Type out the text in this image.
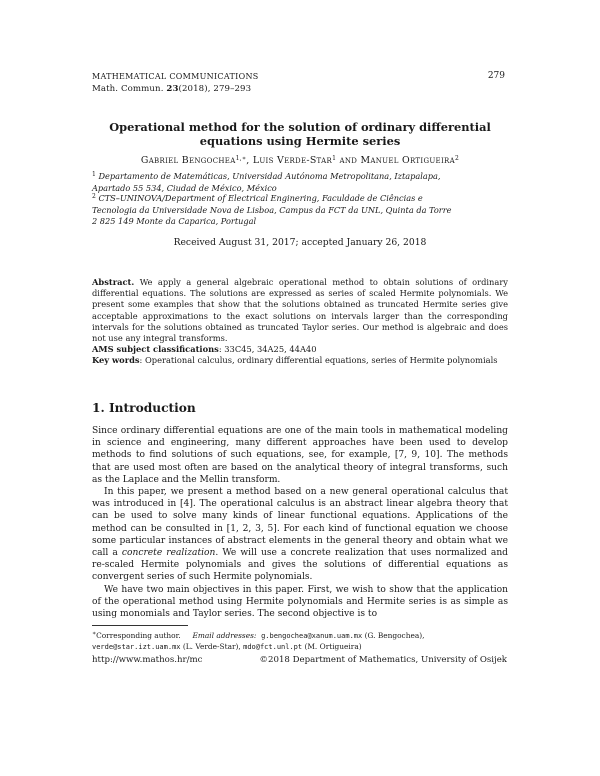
MATHEMATICAL COMMUNICATIONS
Math. Commun. 23(2018), 279–293
279
Operational method for the solution of ordinary differential
equations using Hermite series
Gabriel Bengochea$^{1,∗}$, Luis Verde-Star$^1$ and Manuel Ortigueira$^2$
$^1$ Departamento de Matemáticas, Universidad Autónoma Metropolitana, Iztapalapa,
Apartado 55 534, Ciudad de México, México
$^2$ CTS–UNINOVA/Department of Electrical Enginering, Faculdade de Ciências e
Tecnologia da Universidade Nova de Lisboa, Campus da FCT da UNL, Quinta da Torre
2 825 149 Monte da Caparica, Portugal
Received August 31, 2017; accepted January 26, 2018

Abstract. We apply a general algebraic operational method to obtain solutions of ordinary differential equations. The solutions are expressed as series of scaled Hermite polynomials. We present some examples that show that the solutions obtained as truncated Hermite series give acceptable approximations to the exact solutions on intervals larger than the corresponding intervals for the solutions obtained as truncated Taylor series. Our method is algebraic and does not use any integral transforms.

AMS subject classifications: 33C45, 34A25, 44A40

Key words: Operational calculus, ordinary differential equations, series of Hermite polynomials

1. Introduction

Since ordinary differential equations are one of the main tools in mathematical modeling in science and engineering, many different approaches have been used to develop methods to find solutions of such equations, see, for example, [7, 9, 10]. The methods that are used most often are based on the analytical theory of integral transforms, such as the Laplace and the Mellin transform.

In this paper, we present a method based on a new general operational calculus that was introduced in [4]. The operational calculus is an abstract linear algebra theory that can be used to solve many kinds of linear functional equations. Applications of the method can be consulted in [1, 2, 3, 5]. For each kind of functional equation we choose some particular instances of abstract elements in the general theory and obtain what we call a concrete realization. We will use a concrete realization that uses normalized and re-scaled Hermite polynomials and gives the solutions of differential equations as convergent series of such Hermite polynomials.

We have two main objectives in this paper. First, we wish to show that the application of the operational method using Hermite polynomials and Hermite series is as simple as using monomials and Taylor series. The second objective is to

∗Corresponding author. Email addresses: g.bengochea@xanum.uam.mx (G. Bengochea),
verde@star.izt.uam.mx (L. Verde-Star), mdo@fct.unl.pt (M. Ortigueira)
http://www.mathos.hr/mc	©2018 Department of Mathematics, University of Osijek
